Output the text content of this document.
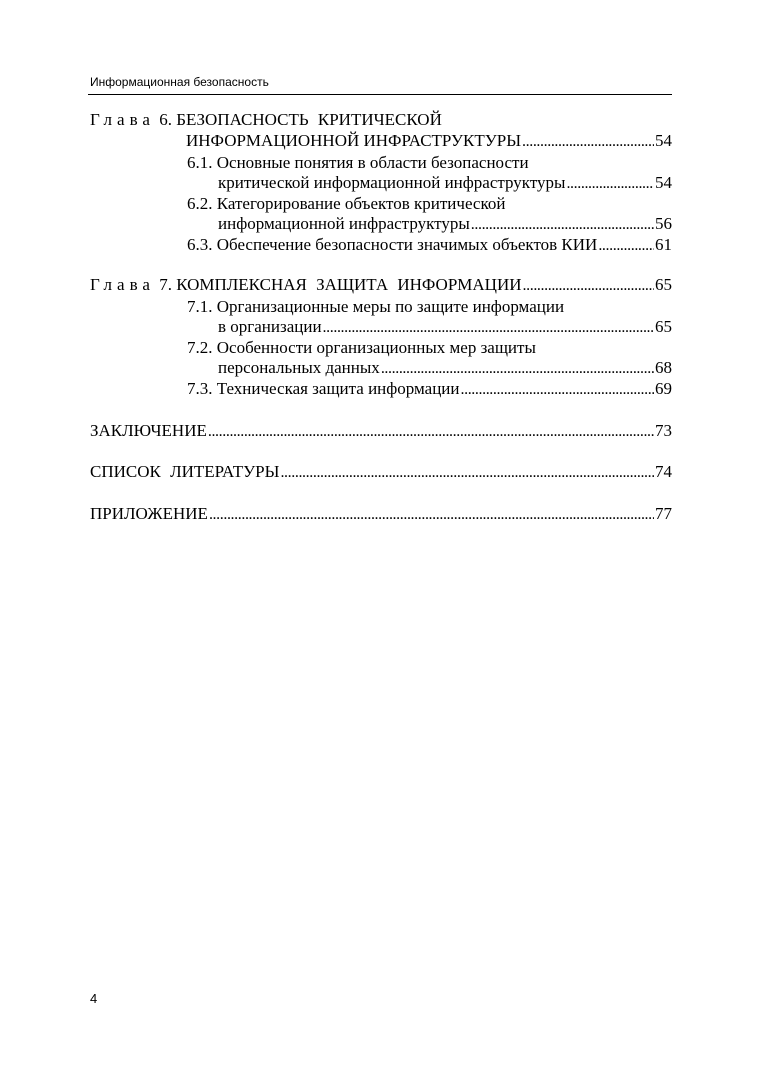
Информационная безопасность
Глава 6. БЕЗОПАСНОСТЬ КРИТИЧЕСКОЙ
ИНФОРМАЦИОННОЙ ИНФРАСТРУКТУРЫ . . .	54
6.1. Основные понятия в области безопасности
критической информационной инфраструктуры . . .	54
6.2. Категорирование объектов критической
информационной инфраструктуры . . .	56
6.3. Обеспечение безопасности значимых объектов КИИ . . .	61
Глава 7. КОМПЛЕКСНАЯ ЗАЩИТА ИНФОРМАЦИИ . . .	65
7.1. Организационные меры по защите информации
в организации . . .	65
7.2. Особенности организационных мер защиты
персональных данных . . .	68
7.3. Техническая защита информации . . .	69
ЗАКЛЮЧЕНИЕ . . .	73
СПИСОК ЛИТЕРАТУРЫ . . .	74
ПРИЛОЖЕНИЕ . . .	77
4
